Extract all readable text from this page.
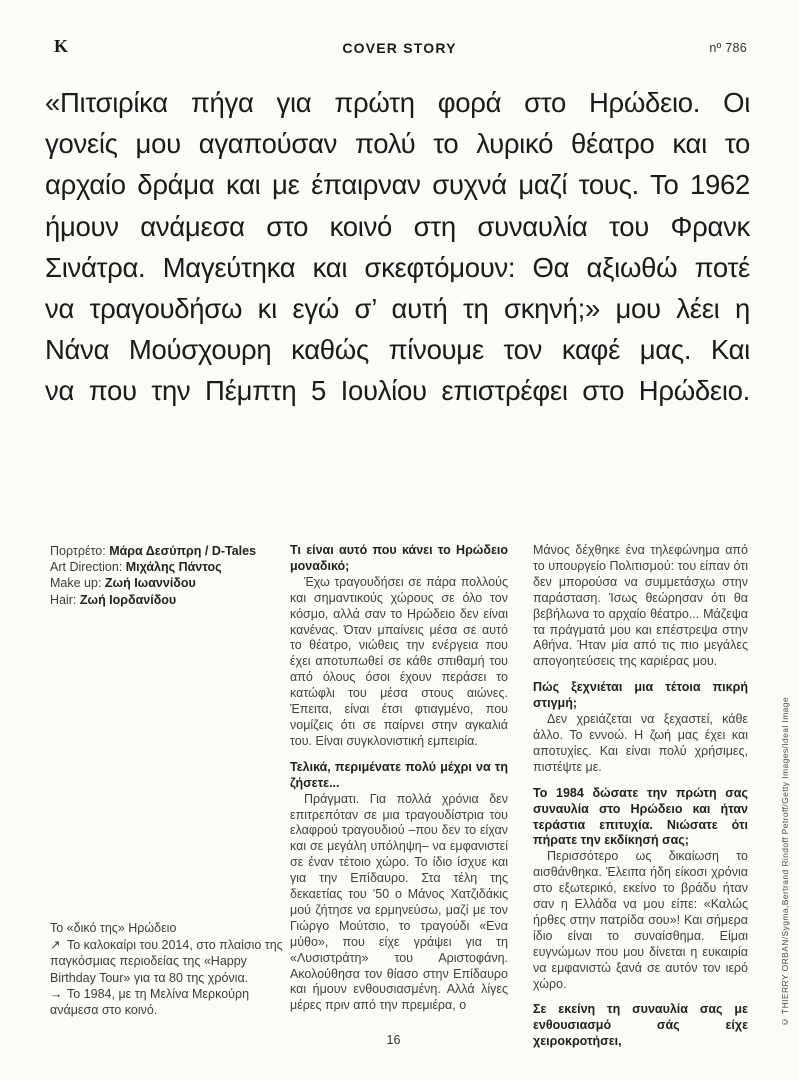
K	COVER STORY	nº 786
«Πιτσιρίκα πήγα για πρώτη φορά στο Ηρώδειο. Οι
γονείς μου αγαπούσαν πολύ το λυρικό θέατρο και το
αρχαίο δράμα και με έπαιρναν συχνά μαζί τους. Το 1962
ήμουν ανάμεσα στο κοινό στη συναυλία του Φρανκ
Σινάτρα. Μαγεύτηκα και σκεφτόμουν: Θα αξιωθώ ποτέ
να τραγουδήσω κι εγώ σ’ αυτή τη σκηνή;» μου λέει η
Νάνα Μούσχουρη καθώς πίνουμε τον καφέ μας. Και
να που την Πέμπτη 5 Ιουλίου επιστρέφει στο Ηρώδειο.
Πορτρέτο: Μάρα Δεσύπρη / D-Tales
Art Direction: Μιχάλης Πάντος
Make up: Ζωή Ιωαννίδου
Hair: Ζωή Ιορδανίδου

Το «δικό της» Ηρώδειο

↗ Το καλοκαίρι του 2014, στο πλαίσιο της παγκόσμιας περιοδείας της «Happy Birthday Tour» για τα 80 της χρόνια.

→ Το 1984, με τη Μελίνα Μερκούρη ανάμεσα στο κοινό.

Τι είναι αυτό που κάνει το Ηρώδειο μοναδικό;

Έχω τραγουδήσει σε πάρα πολλούς και σημαντικούς χώρους σε όλο τον κόσμο, αλλά σαν το Ηρώδειο δεν είναι κανένας. Όταν μπαίνεις μέσα σε αυτό το θέατρο, νιώθεις την ενέργεια που έχει αποτυπωθεί σε κάθε σπιθαμή του από όλους όσοι έχουν περάσει το κατώφλι του μέσα στους αιώνες. Έπειτα, είναι έτσι φτιαγμένο, που νομίζεις ότι σε παίρνει στην αγκαλιά του. Είναι συγκλονιστική εμπειρία.

Τελικά, περιμένατε πολύ μέχρι να τη ζήσετε...

Πράγματι. Για πολλά χρόνια δεν επιτρεπόταν σε μια τραγουδίστρια του ελαφρού τραγουδιού –που δεν το είχαν και σε μεγάλη υπόληψη– να εμφανιστεί σε έναν τέτοιο χώρο. Το ίδιο ίσχυε και για την Επίδαυρο. Στα τέλη της δεκαετίας του ’50 ο Μάνος Χατζιδάκις μού ζήτησε να ερμηνεύσω, μαζί με τον Γιώργο Μούτσιο, το τραγούδι «Ενα μύθο», που είχε γράψει για τη «Λυσιστράτη» του Αριστοφάνη. Ακολούθησα τον θίασο στην Επίδαυρο και ήμουν ενθουσιασμένη. Αλλά λίγες μέρες πριν από την πρεμιέρα, ο

Μάνος δέχθηκε ένα τηλεφώνημα από το υπουργείο Πολιτισμού: του είπαν ότι δεν μπορούσα να συμμετάσχω στην παράσταση. Ίσως θεώρησαν ότι θα βεβήλωνα το αρχαίο θέατρο... Μάζεψα τα πράγματά μου και επέστρεψα στην Αθήνα. Ήταν μία από τις πιο μεγάλες απογοητεύσεις της καριέρας μου.

Πώς ξεχνιέται μια τέτοια πικρή στιγμή;

Δεν χρειάζεται να ξεχαστεί, κάθε άλλο. Το εννοώ. Η ζωή μας έχει και αποτυχίες. Και είναι πολύ χρήσιμες, πιστέψτε με.

Το 1984 δώσατε την πρώτη σας συναυλία στο Ηρώδειο και ήταν τεράστια επιτυχία. Νιώσατε ότι πήρατε την εκδίκησή σας;

Περισσότερο ως δικαίωση το αισθάνθηκα. Έλειπα ήδη είκοσι χρόνια στο εξωτερικό, εκείνο το βράδυ ήταν σαν η Ελλάδα να μου είπε: «Καλώς ήρθες στην πατρίδα σου»! Και σήμερα ίδιο είναι το συναίσθημα. Είμαι ευγνώμων που μου δίνεται η ευκαιρία να εμφανιστώ ξανά σε αυτόν τον ιερό χώρο.

Σε εκείνη τη συναυλία σας με ενθουσιασμό σάς είχε χειροκροτήσει,

© THIERRY ORBAN/Sygma,Bertrand Rindoff Petroff/Getty Images/Ideal Image
16
